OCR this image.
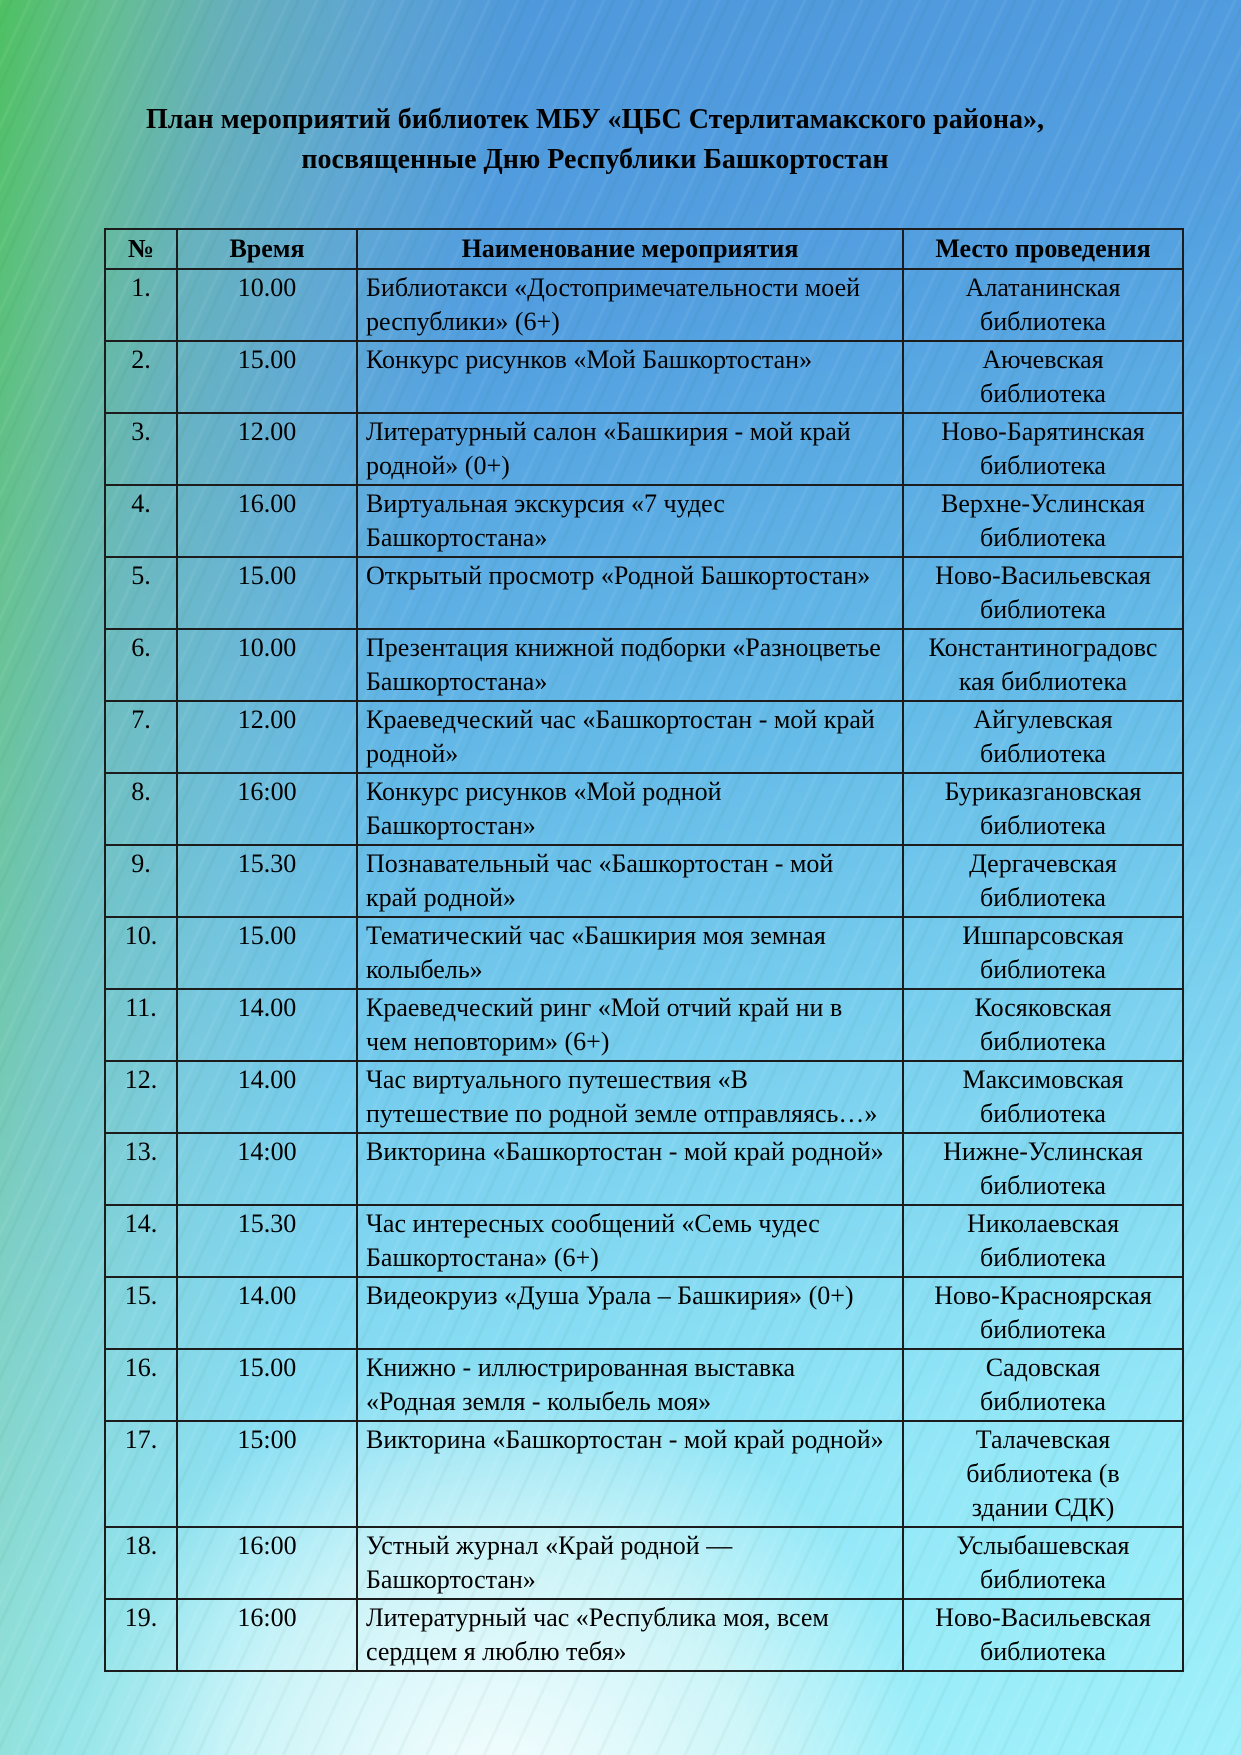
План мероприятий библиотек МБУ «ЦБС Стерлитамакского района», посвященные Дню Республики Башкортостан
№	Время	Наименование мероприятия	Место проведения
1.	10.00	Библиотакси «Достопримечательности моей республики» (6+)	Алатанинская библиотека
2.	15.00	Конкурс рисунков «Мой Башкортостан»	Аючевская библиотека
3.	12.00	Литературный салон «Башкирия - мой край родной» (0+)	Ново-Барятинская библиотека
4.	16.00	Виртуальная экскурсия «7 чудес Башкортостана»	Верхне-Услинская библиотека
5.	15.00	Открытый просмотр «Родной Башкортостан»	Ново-Васильевская библиотека
6.	10.00	Презентация книжной подборки «Разноцветье Башкортостана»	Константиноградовская библиотека
7.	12.00	Краеведческий час «Башкортостан - мой край родной»	Айгулевская библиотека
8.	16:00	Конкурс рисунков «Мой родной Башкортостан»	Буриказгановская библиотека
9.	15.30	Познавательный час «Башкортостан - мой край родной»	Дергачевская библиотека
10.	15.00	Тематический час «Башкирия моя земная колыбель»	Ишпарсовская библиотека
11.	14.00	Краеведческий ринг «Мой отчий край ни в чем неповторим» (6+)	Косяковская библиотека
12.	14.00	Час виртуального путешествия «В путешествие по родной земле отправляясь…»	Максимовская библиотека
13.	14:00	Викторина «Башкортостан - мой край родной»	Нижне-Услинская библиотека
14.	15.30	Час интересных сообщений «Семь чудес Башкортостана» (6+)	Николаевская библиотека
15.	14.00	Видеокруиз «Душа Урала – Башкирия» (0+)	Ново-Красноярская библиотека
16.	15.00	Книжно - иллюстрированная выставка «Родная земля - колыбель моя»	Садовская библиотека
17.	15:00	Викторина «Башкортостан - мой край родной»	Талачевская библиотека (в здании СДК)
18.	16:00	Устный журнал «Край родной — Башкортостан»	Услыбашевская библиотека
19.	16:00	Литературный час «Республика моя, всем сердцем я люблю тебя»	Ново-Васильевская библиотека
